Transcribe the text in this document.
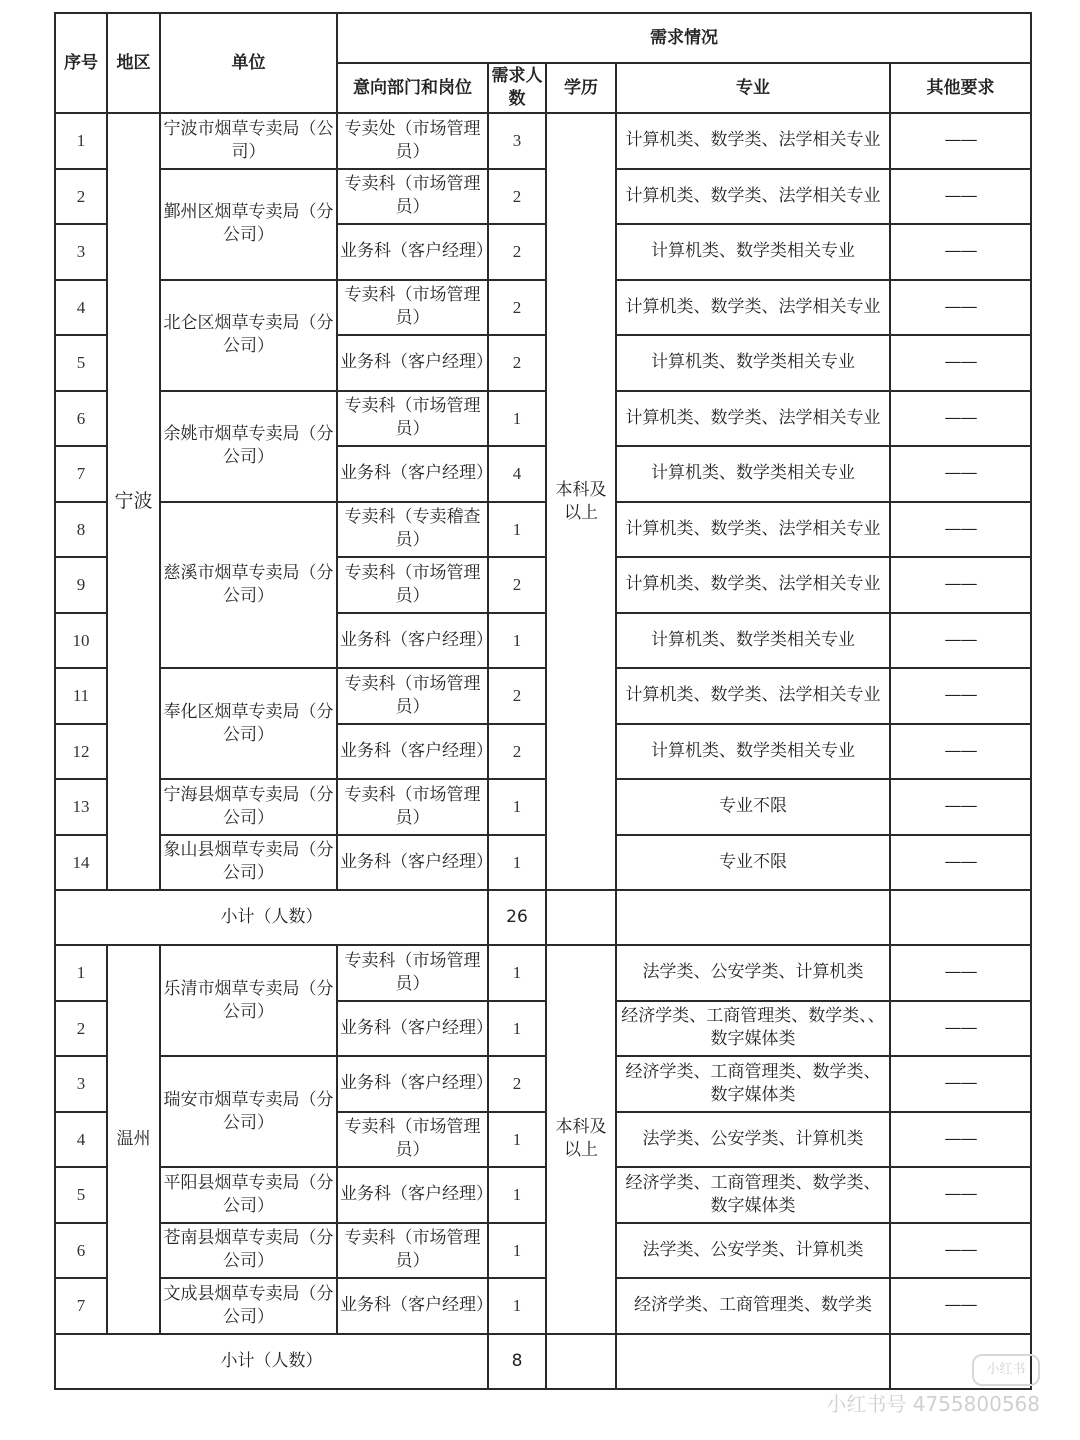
序号	地区	单位	需求情况				
			意向部门和岗位	需求人数	学历	专业	其他要求
1	宁波	宁波市烟草专卖局（公司）	专卖处（市场管理员）	3	本科及以上	计算机类、数学类、法学相关专业	——
2		鄞州区烟草专卖局（分公司）	专卖科（市场管理员）	2		计算机类、数学类、法学相关专业	——
3			业务科（客户经理）	2		计算机类、数学类相关专业	——
4		北仑区烟草专卖局（分公司）	专卖科（市场管理员）	2		计算机类、数学类、法学相关专业	——
5			业务科（客户经理）	2		计算机类、数学类相关专业	——
6		余姚市烟草专卖局（分公司）	专卖科（市场管理员）	1		计算机类、数学类、法学相关专业	——
7			业务科（客户经理）	4		计算机类、数学类相关专业	——
8		慈溪市烟草专卖局（分公司）	专卖科（专卖稽查员）	1		计算机类、数学类、法学相关专业	——
9			专卖科（市场管理员）	2		计算机类、数学类、法学相关专业	——
10			业务科（客户经理）	1		计算机类、数学类相关专业	——
11		奉化区烟草专卖局（分公司）	专卖科（市场管理员）	2		计算机类、数学类、法学相关专业	——
12			业务科（客户经理）	2		计算机类、数学类相关专业	——
13		宁海县烟草专卖局（分公司）	专卖科（市场管理员）	1		专业不限	——
14		象山县烟草专卖局（分公司）	业务科（客户经理）	1		专业不限	——
小计（人数）				26			
1	温州	乐清市烟草专卖局（分公司）	专卖科（市场管理员）	1	本科及以上	法学类、公安学类、计算机类	——
2			业务科（客户经理）	1		经济学类、工商管理类、数学类、、数字媒体类	——
3		瑞安市烟草专卖局（分公司）	业务科（客户经理）	2		经济学类、工商管理类、数学类、数字媒体类	——
4			专卖科（市场管理员）	1		法学类、公安学类、计算机类	——
5		平阳县烟草专卖局（分公司）	业务科（客户经理）	1		经济学类、工商管理类、数学类、数字媒体类	——
6		苍南县烟草专卖局（分公司）	专卖科（市场管理员）	1		法学类、公安学类、计算机类	——
7		文成县烟草专卖局（分公司）	业务科（客户经理）	1		经济学类、工商管理类、数学类	——
小计（人数）				8				小红书
小红书号 4755800568
